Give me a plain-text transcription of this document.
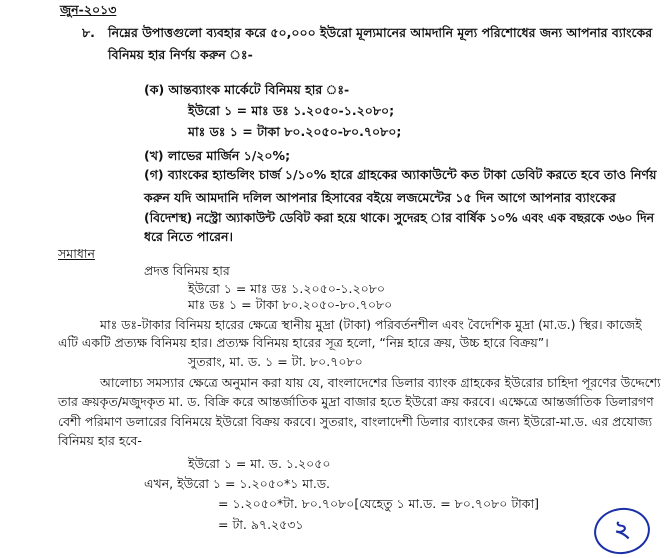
জুন-২০১৩
৮. নিম্নের উপাত্তগুলো ব্যবহার করে ৫০,০০০ ইউরো মূল্যমানের আমদানি মূল্য পরিশোধের জন্য আপনার ব্যাংকের
বিনিময় হার নির্ণয় করুন ঃ-
(ক) আন্তব্যাংক মার্কেটে বিনিময় হার ঃ-
ইউরো ১ = মাঃ ডঃ ১.২০৫০-১.২০৮০;
মাঃ ডঃ ১ = টাকা ৮০.২০৫০-৮০.৭০৮০;
(খ) লাভের মার্জিন ১/২০%;
(গ) ব্যাংকের হ্যান্ডলিং চার্জ ১/১০% হারে গ্রাহকের অ্যাকাউন্টে কত টাকা ডেবিট করতে হবে তাও নির্ণয়
করুন যদি আমদানি দলিল আপনার হিসাবের বইয়ে লজমেন্টের ১৫ দিন আগে আপনার ব্যাংকের
(বিদেশস্থ) নস্ট্রো অ্যাকাউন্ট ডেবিট করা হয়ে থাকে। সুদেরহ ার বার্ষিক ১০% এবং এক বছরকে ৩৬০ দিন
ধরে নিতে পারেন।
সমাধান
প্রদত্ত বিনিময় হার
ইউরো ১ = মাঃ ডঃ ১.২০৫০-১.২০৮০
মাঃ ডঃ ১ = টাকা ৮০.২০৫০-৮০.৭০৮০
মাঃ ডঃ-টাকার বিনিময় হারের ক্ষেত্রে স্থানীয় মুদ্রা (টাকা) পরিবর্তনশীল এবং বৈদেশিক মুদ্রা (মা.ড.) স্থির। কাজেই
এটি একটি প্রত্যক্ষ বিনিময় হার। প্রত্যক্ষ বিনিময় হারের সূত্র হলো, “নিম্ন হারে ক্রয়, উচ্চ হারে বিক্রয়”।
সুতরাং, মা. ড. ১ = টা. ৮০.৭০৮০
আলোচ্য সমস্যার ক্ষেত্রে অনুমান করা যায় যে, বাংলাদেশের ডিলার ব্যাংক গ্রাহকের ইউরোর চাহিদা পূরণের উদ্দেশ্যে
তার ক্রয়কৃত/মজুদকৃত মা. ড. বিক্রি করে আন্তর্জাতিক মুদ্রা বাজার হতে ইউরো ক্রয় করবে। এক্ষেত্রে আন্তর্জাতিক ডিলারগণ
বেশী পরিমাণ ডলারের বিনিময়ে ইউরো বিক্রয় করবে। সুতরাং, বাংলাদেশী ডিলার ব্যাংকের জন্য ইউরো-মা.ড. এর প্রযোজ্য
বিনিময় হার হবে-
ইউরো ১ = মা. ড. ১.২০৫০
এখন, ইউরো ১ = ১.২০৫০*১ মা.ড.
= ১.২০৫০*টা. ৮০.৭০৮০[যেহেতু ১ মা.ড. = ৮০.৭০৮০ টাকা]
= টা. ৯৭.২৫৩১	২
